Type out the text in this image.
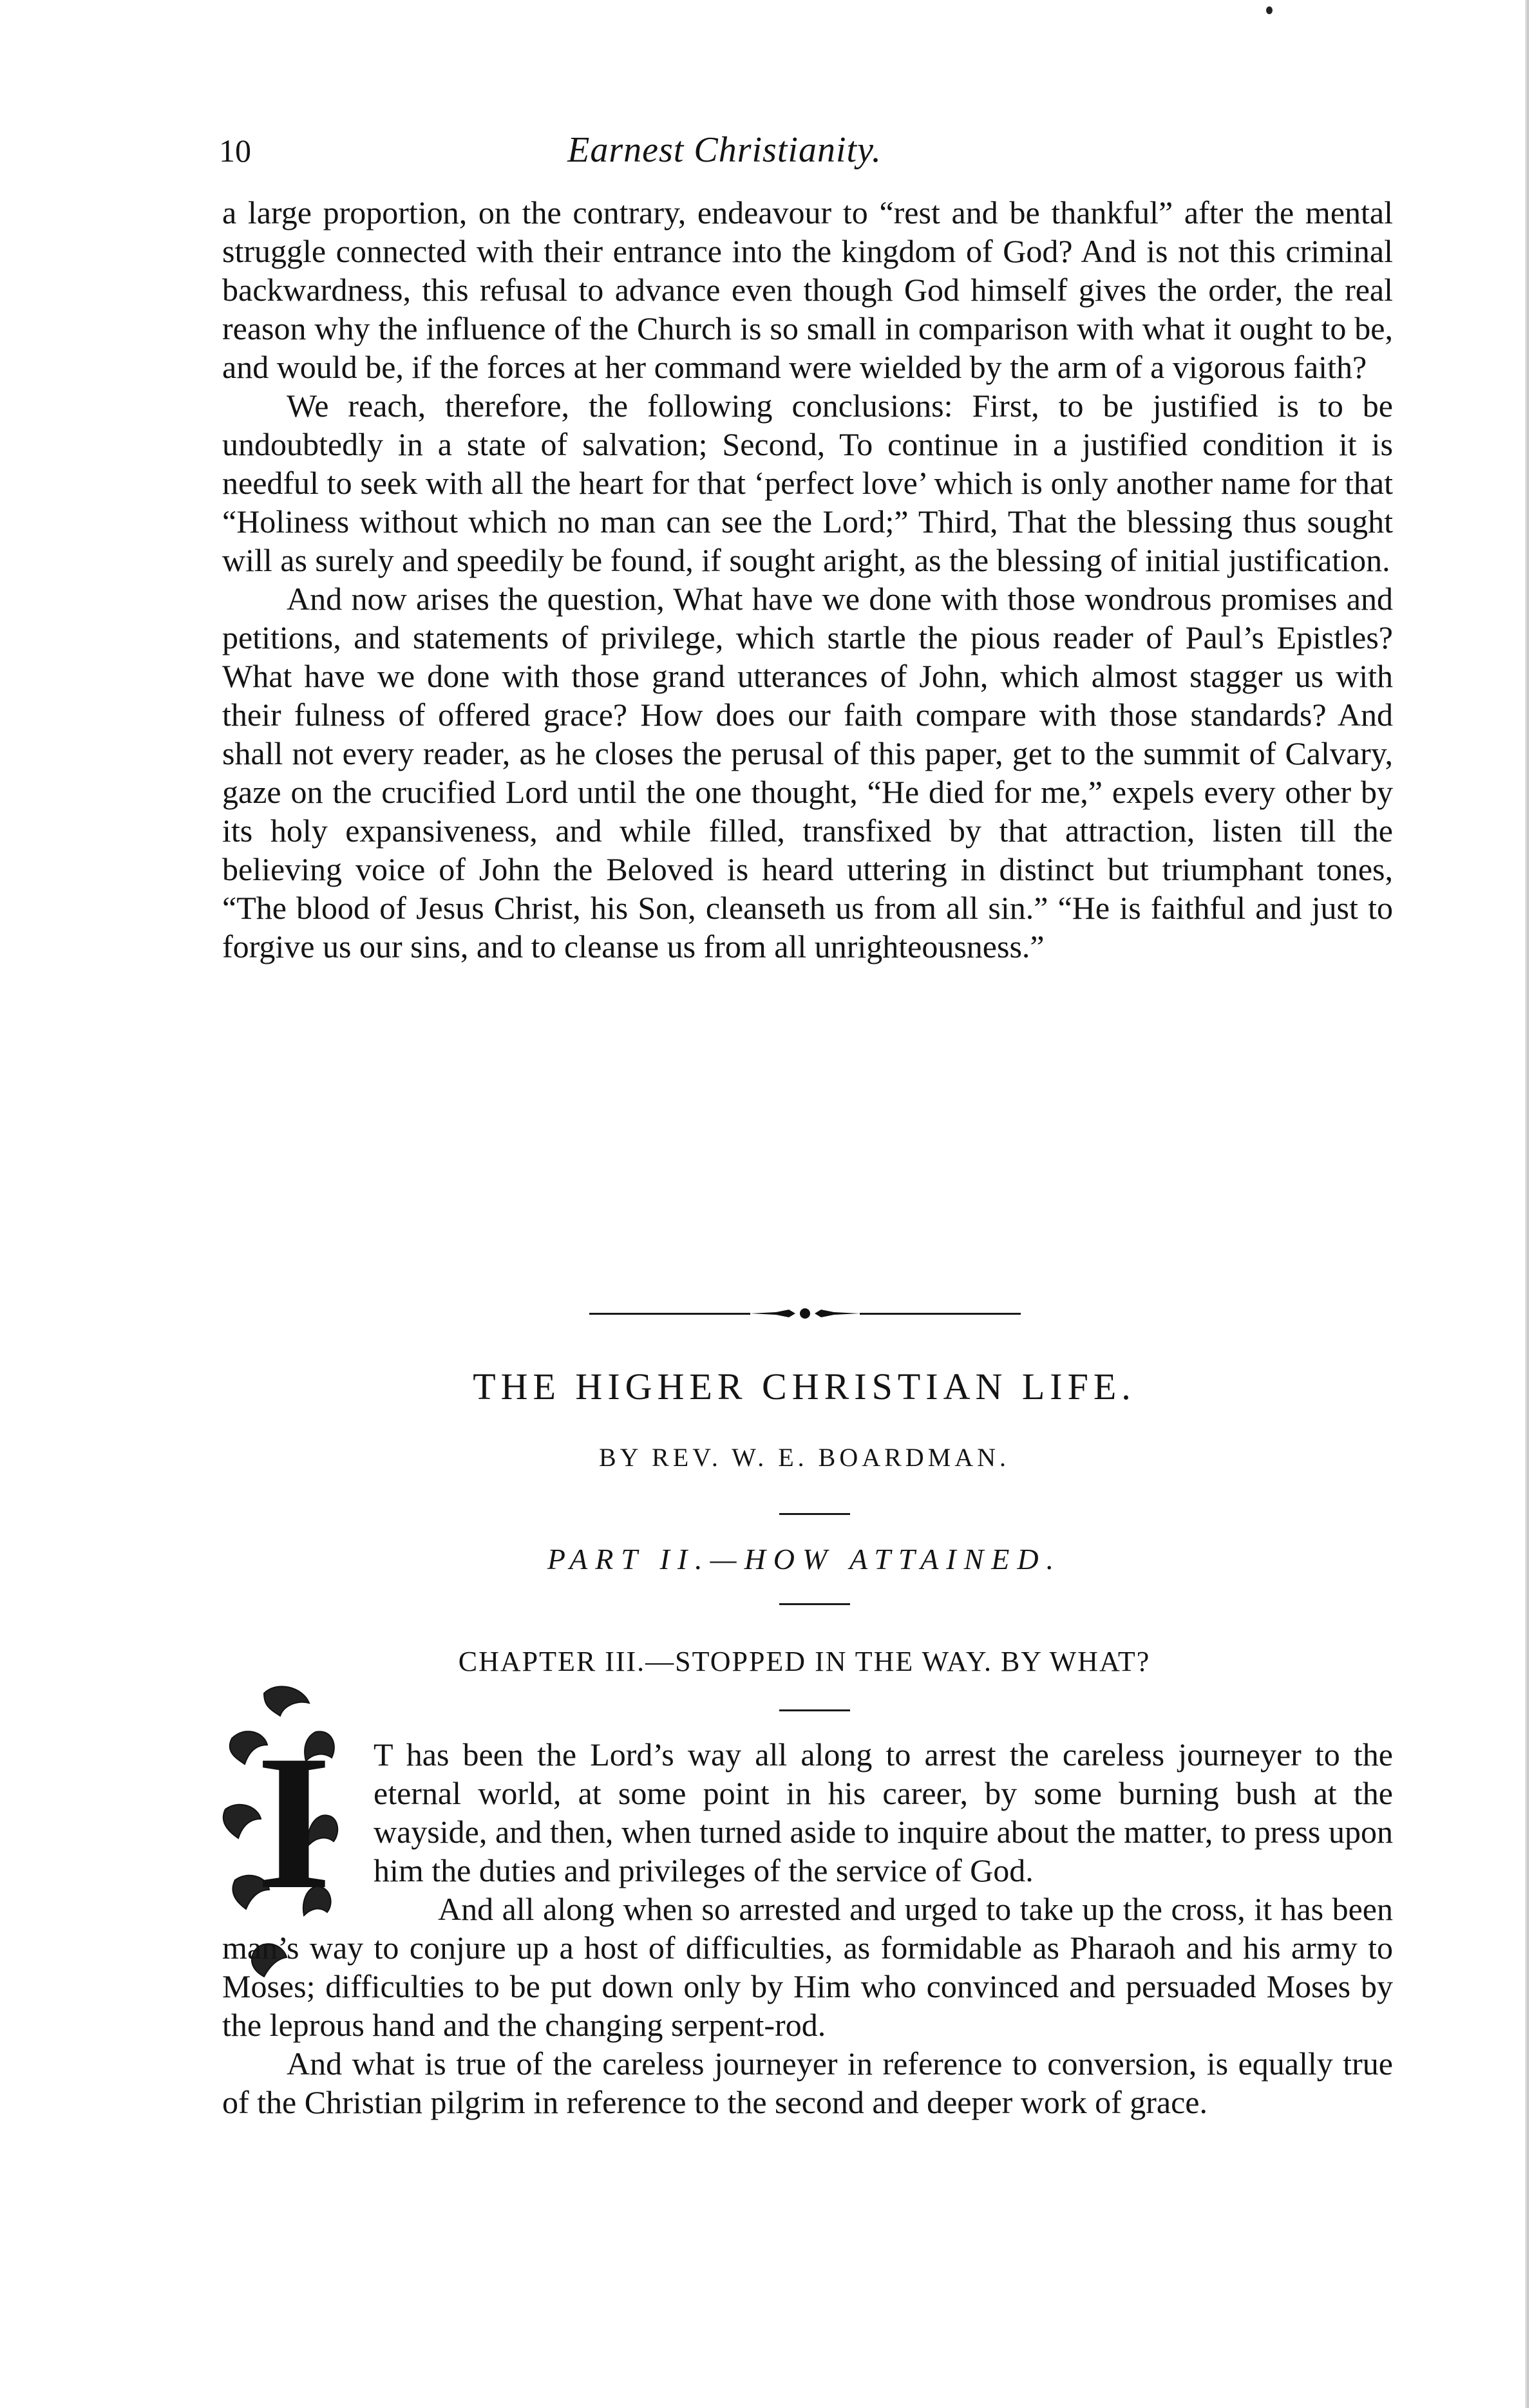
10	Earnest Christianity.

a large proportion, on the contrary, endeavour to “rest and be thankful” after the mental struggle connected with their entrance into the kingdom of God? And is not this criminal backwardness, this refusal to advance even though God himself gives the order, the real reason why the influence of the Church is so small in comparison with what it ought to be, and would be, if the forces at her command were wielded by the arm of a vigorous faith?

We reach, therefore, the following conclusions: First, to be justified is to be undoubtedly in a state of salvation; Second, To continue in a justified condition it is needful to seek with all the heart for that ‘perfect love’ which is only another name for that “Holiness without which no man can see the Lord;” Third, That the blessing thus sought will as surely and speedily be found, if sought aright, as the blessing of initial justification.

And now arises the question, What have we done with those wondrous promises and petitions, and statements of privilege, which startle the pious reader of Paul’s Epistles? What have we done with those grand utterances of John, which almost stagger us with their fulness of offered grace? How does our faith compare with those standards? And shall not every reader, as he closes the perusal of this paper, get to the summit of Calvary, gaze on the crucified Lord until the one thought, “He died for me,” expels every other by its holy expansiveness, and while filled, transfixed by that attraction, listen till the believing voice of John the Beloved is heard uttering in distinct but triumphant tones, “The blood of Jesus Christ, his Son, cleanseth us from all sin.” “He is faithful and just to forgive us our sins, and to cleanse us from all unrighteousness.”

THE HIGHER CHRISTIAN LIFE.
BY REV. W. E. BOARDMAN.
PART II.—HOW ATTAINED.
CHAPTER III.—STOPPED IN THE WAY. BY WHAT?
I	T has been the Lord’s way all along to arrest the careless journeyer to the eternal world, at some point in his career, by some burning bush at the wayside, and then, when turned aside to inquire about the matter, to press upon him the duties and privileges of the service of God.

And all along when so arrested and urged to take up the cross, it has been man’s way to conjure up a host of difficulties, as formidable as Pharaoh and his army to Moses; difficulties to be put down only by Him who convinced and persuaded Moses by the leprous hand and the changing serpent-rod.

And what is true of the careless journeyer in reference to conversion, is equally true of the Christian pilgrim in reference to the second and deeper work of grace.
